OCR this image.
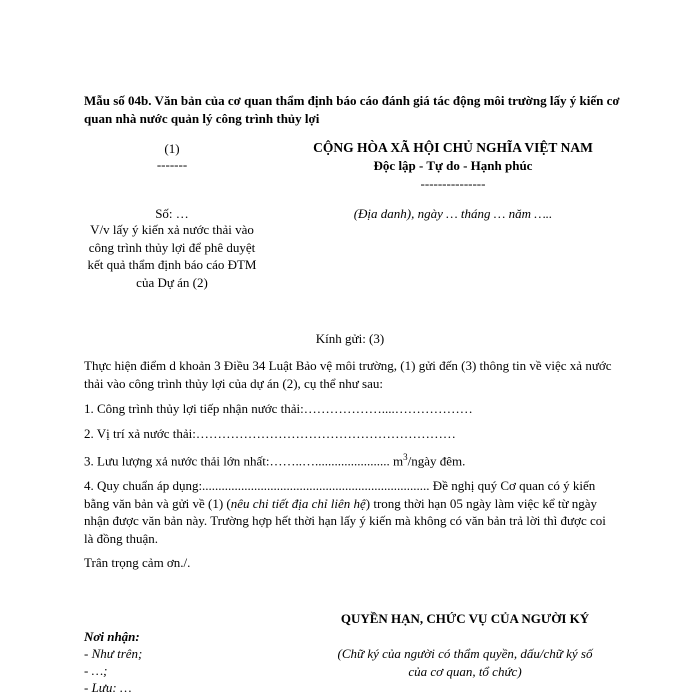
Mẫu số 04b. Văn bản của cơ quan thẩm định báo cáo đánh giá tác động môi trường lấy ý kiến cơ quan nhà nước quản lý công trình thủy lợi
(1)
-------
CỘNG HÒA XÃ HỘI CHỦ NGHĨA VIỆT NAM
Độc lập - Tự do - Hạnh phúc
---------------
Số: …
V/v lấy ý kiến xả nước thải vào công trình thủy lợi để phê duyệt kết quả thẩm định báo cáo ĐTM của Dự án (2)
(Địa danh), ngày … tháng … năm …..
Kính gửi: (3)
Thực hiện điểm d khoản 3 Điều 34 Luật Bảo vệ môi trường, (1) gửi đến (3) thông tin về việc xả nước thải vào công trình thủy lợi của dự án (2), cụ thể như sau:
1. Công trình thủy lợi tiếp nhận nước thải:………………....………………
2. Vị trí xả nước thải:……………………………………………………
3. Lưu lượng xả nước thải lớn nhất:……..…....................... $m^3$/ngày đêm.
4. Quy chuẩn áp dụng:...................................................................... Đề nghị quý Cơ quan có ý kiến bằng văn bản và gửi về (1) (nêu chi tiết địa chỉ liên hệ) trong thời hạn 05 ngày làm việc kể từ ngày nhận được văn bản này. Trường hợp hết thời hạn lấy ý kiến mà không có văn bản trả lời thì được coi là đồng thuận.
Trân trọng cảm ơn./.
QUYỀN HẠN, CHỨC VỤ CỦA NGƯỜI KÝ
(Chữ ký của người có thẩm quyền, dấu/chữ ký số của cơ quan, tổ chức)
Nơi nhận:
- Như trên;
- …;
- Lưu: …
